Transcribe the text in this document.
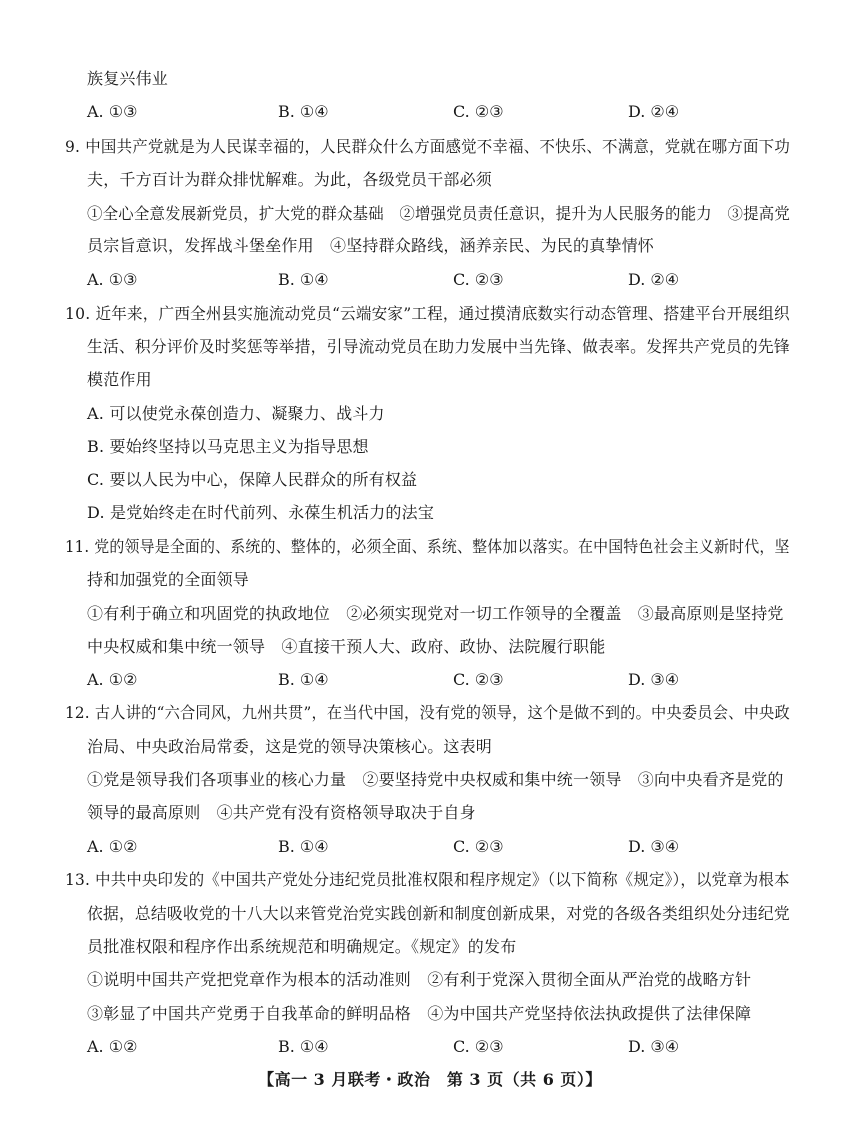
族复兴伟业
A. ①③	B. ①④	C. ②③	D. ②④
9. 中国共产党就是为人民谋幸福的，人民群众什么方面感觉不幸福、不快乐、不满意，党就在哪方面下功
夫，千方百计为群众排忧解难。为此，各级党员干部必须
①全心全意发展新党员，扩大党的群众基础　②增强党员责任意识，提升为人民服务的能力　③提高党
员宗旨意识，发挥战斗堡垒作用　④坚持群众路线，涵养亲民、为民的真挚情怀
A. ①③	B. ①④	C. ②③	D. ②④
10. 近年来，广西全州县实施流动党员“云端安家”工程，通过摸清底数实行动态管理、搭建平台开展组织
生活、积分评价及时奖惩等举措，引导流动党员在助力发展中当先锋、做表率。发挥共产党员的先锋
模范作用
A. 可以使党永葆创造力、凝聚力、战斗力
B. 要始终坚持以马克思主义为指导思想
C. 要以人民为中心，保障人民群众的所有权益
D. 是党始终走在时代前列、永葆生机活力的法宝
11. 党的领导是全面的、系统的、整体的，必须全面、系统、整体加以落实。在中国特色社会主义新时代，坚
持和加强党的全面领导
①有利于确立和巩固党的执政地位　②必须实现党对一切工作领导的全覆盖　③最高原则是坚持党
中央权威和集中统一领导　④直接干预人大、政府、政协、法院履行职能
A. ①②	B. ①④	C. ②③	D. ③④
12. 古人讲的“六合同风，九州共贯”，在当代中国，没有党的领导，这个是做不到的。中央委员会、中央政
治局、中央政治局常委，这是党的领导决策核心。这表明
①党是领导我们各项事业的核心力量　②要坚持党中央权威和集中统一领导　③向中央看齐是党的
领导的最高原则　④共产党有没有资格领导取决于自身
A. ①②	B. ①④	C. ②③	D. ③④
13. 中共中央印发的《中国共产党处分违纪党员批准权限和程序规定》（以下简称《规定》），以党章为根本
依据，总结吸收党的十八大以来管党治党实践创新和制度创新成果，对党的各级各类组织处分违纪党
员批准权限和程序作出系统规范和明确规定。《规定》的发布
①说明中国共产党把党章作为根本的活动准则　②有利于党深入贯彻全面从严治党的战略方针
③彰显了中国共产党勇于自我革命的鲜明品格　④为中国共产党坚持依法执政提供了法律保障
A. ①②	B. ①④	C. ②③	D. ③④
【高一 3 月联考・政治　第 3 页（共 6 页）】
